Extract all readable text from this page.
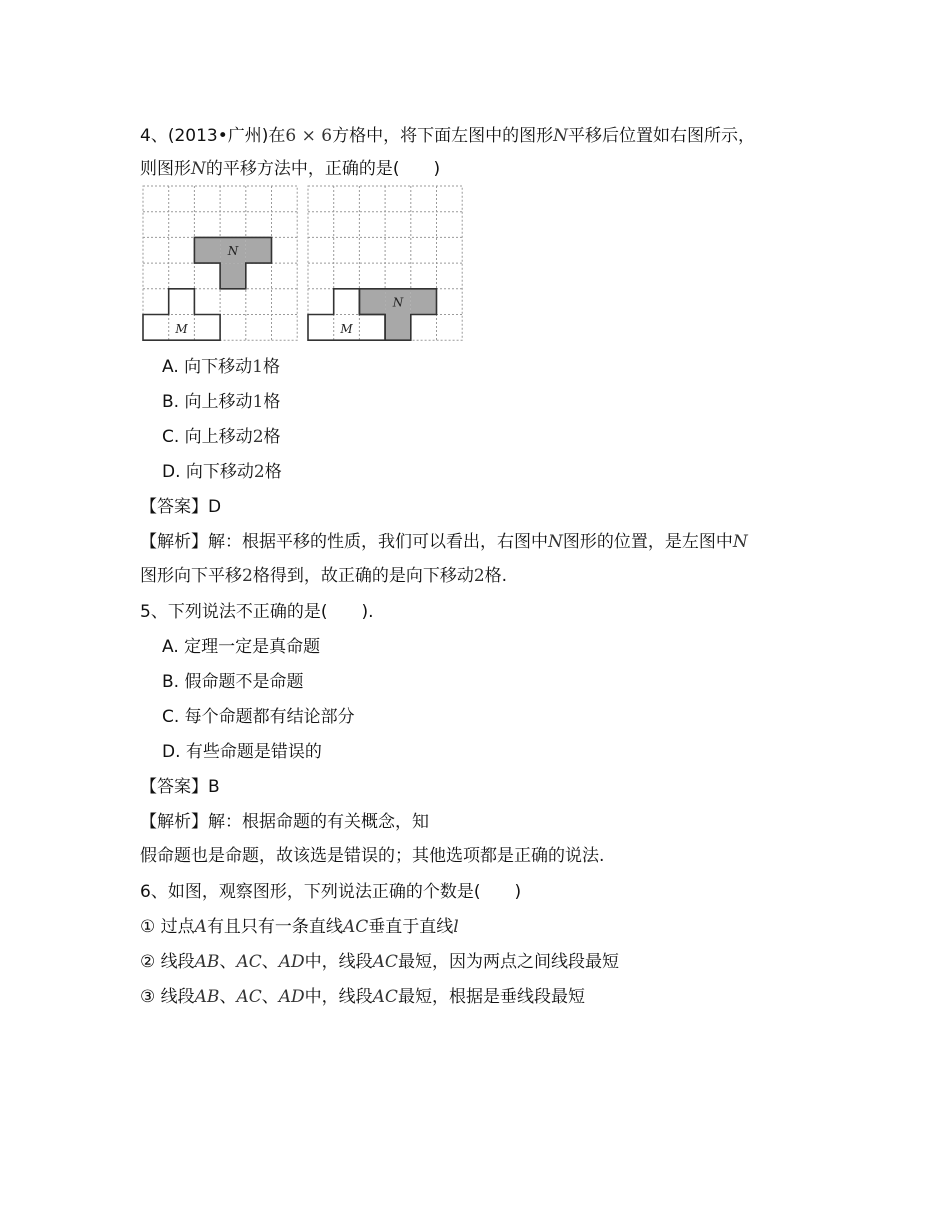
4、(2013•广州)在6 × 6方格中，将下面左图中的图形N平移后位置如右图所示，
则图形N的平移方法中，正确的是(　　)
N
M
N
M
A. 向下移动1格
B. 向上移动1格
C. 向上移动2格
D. 向下移动2格
【答案】D
【解析】解：根据平移的性质，我们可以看出，右图中N图形的位置，是左图中N
图形向下平移2格得到，故正确的是向下移动2格.
5、下列说法不正确的是(　　).
A. 定理一定是真命题
B. 假命题不是命题
C. 每个命题都有结论部分
D. 有些命题是错误的
【答案】B
【解析】解：根据命题的有关概念，知
假命题也是命题，故该选是错误的；其他选项都是正确的说法.
6、如图，观察图形，下列说法正确的个数是(　　)
① 过点A有且只有一条直线AC垂直于直线l
② 线段AB、AC、AD中，线段AC最短，因为两点之间线段最短
③ 线段AB、AC、AD中，线段AC最短，根据是垂线段最短
